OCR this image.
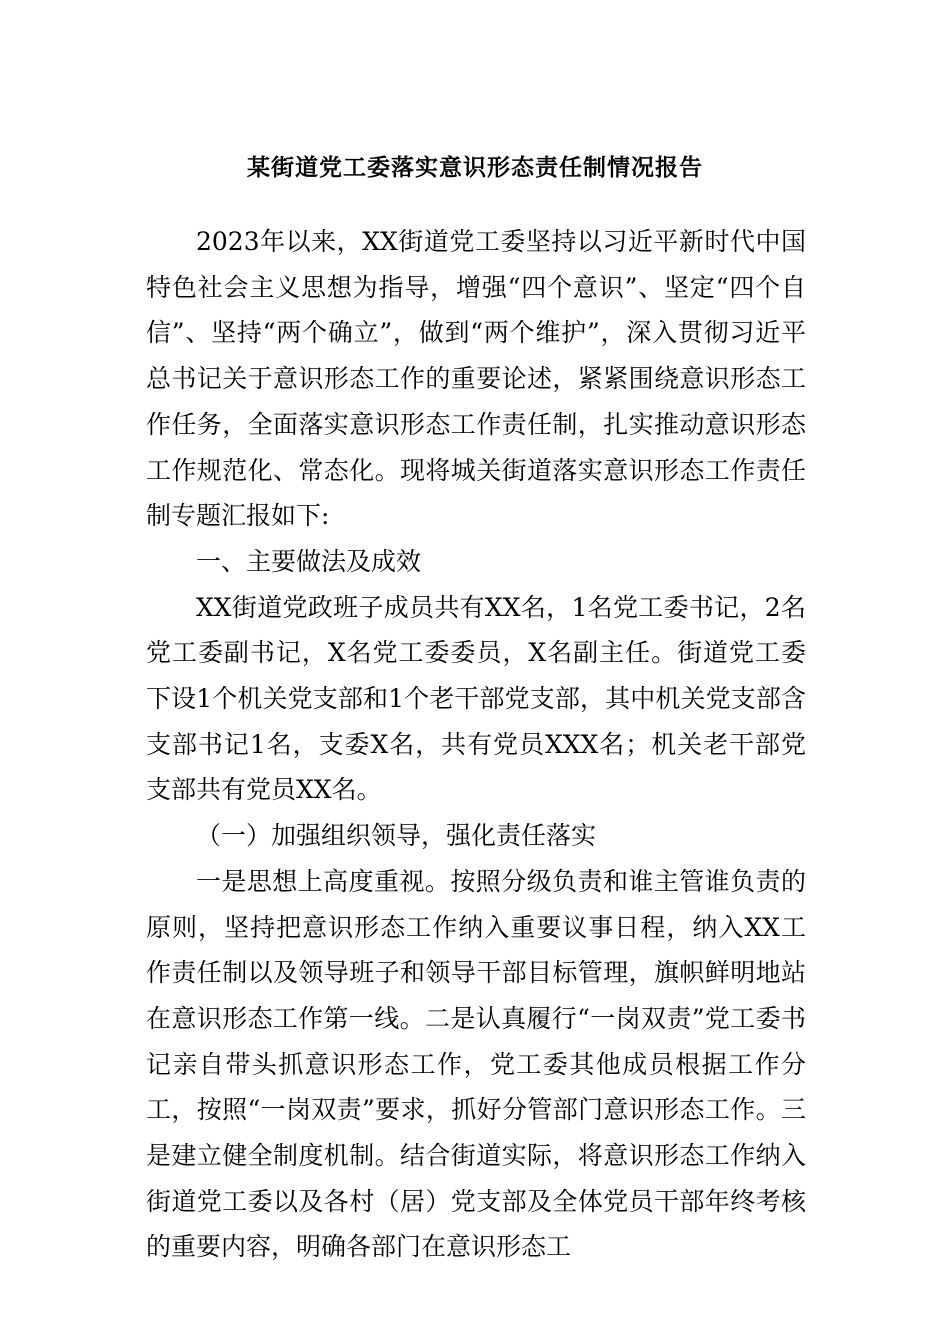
某街道党工委落实意识形态责任制情况报告

2023年以来，XX街道党工委坚持以习近平新时代中国特色社会主义思想为指导，增强“四个意识”、坚定“四个自信”、坚持“两个确立”，做到“两个维护”，深入贯彻习近平总书记关于意识形态工作的重要论述，紧紧围绕意识形态工作任务，全面落实意识形态工作责任制，扎实推动意识形态工作规范化、常态化。现将城关街道落实意识形态工作责任制专题汇报如下:

一、主要做法及成效

XX街道党政班子成员共有XX名，1名党工委书记，2名党工委副书记，X名党工委委员，X名副主任。街道党工委下设1个机关党支部和1个老干部党支部，其中机关党支部含支部书记1名，支委X名，共有党员XXX名；机关老干部党支部共有党员XX名。

（一）加强组织领导，强化责任落实

一是思想上高度重视。按照分级负责和谁主管谁负责的原则，坚持把意识形态工作纳入重要议事日程，纳入XX工作责任制以及领导班子和领导干部目标管理，旗帜鲜明地站在意识形态工作第一线。二是认真履行“一岗双责”党工委书记亲自带头抓意识形态工作，党工委其他成员根据工作分工，按照“一岗双责”要求，抓好分管部门意识形态工作。三是建立健全制度机制。结合街道实际，将意识形态工作纳入街道党工委以及各村（居）党支部及全体党员干部年终考核的重要内容，明确各部门在意识形态工
